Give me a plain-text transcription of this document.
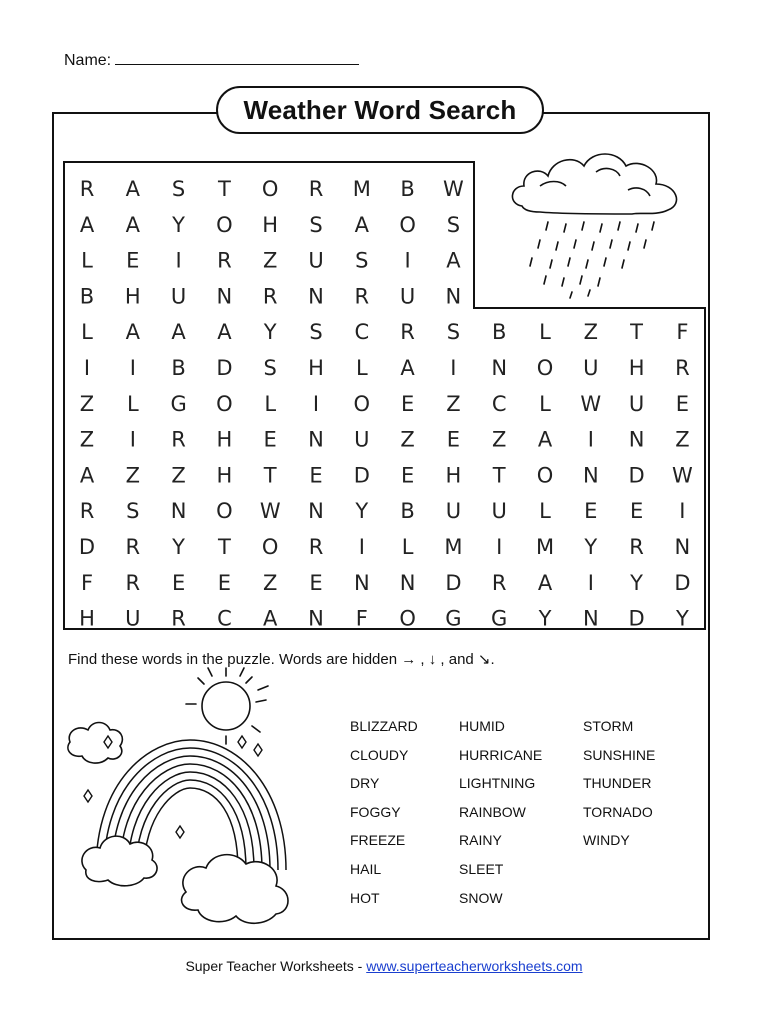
Name:
Weather Word Search
R A S T O R M B W
A A Y O H S A O S
L E I R Z U S I A
B H U N R N R U N
L A A A Y S C R S B L Z T F
I I B D S H L A I N O U H R
Z L G O L I O E Z C L W U E
Z I R H E N U Z E Z A I N Z
A Z Z H T E D E H T O N D W
R S N O W N Y B U U L E E I
D R Y T O R I L M I M Y R N
F R E E Z E N N D R A I Y D
H U R C A N F O G G Y N D Y
Find these words in the puzzle. Words are hidden → , ↓ , and ↘.
BLIZZARD
CLOUDY
DRY
FOGGY
FREEZE
HAIL
HOT
HUMID
HURRICANE
LIGHTNING
RAINBOW
RAINY
SLEET
SNOW
STORM
SUNSHINE
THUNDER
TORNADO
WINDY
Super Teacher Worksheets - www.superteacherworksheets.com
